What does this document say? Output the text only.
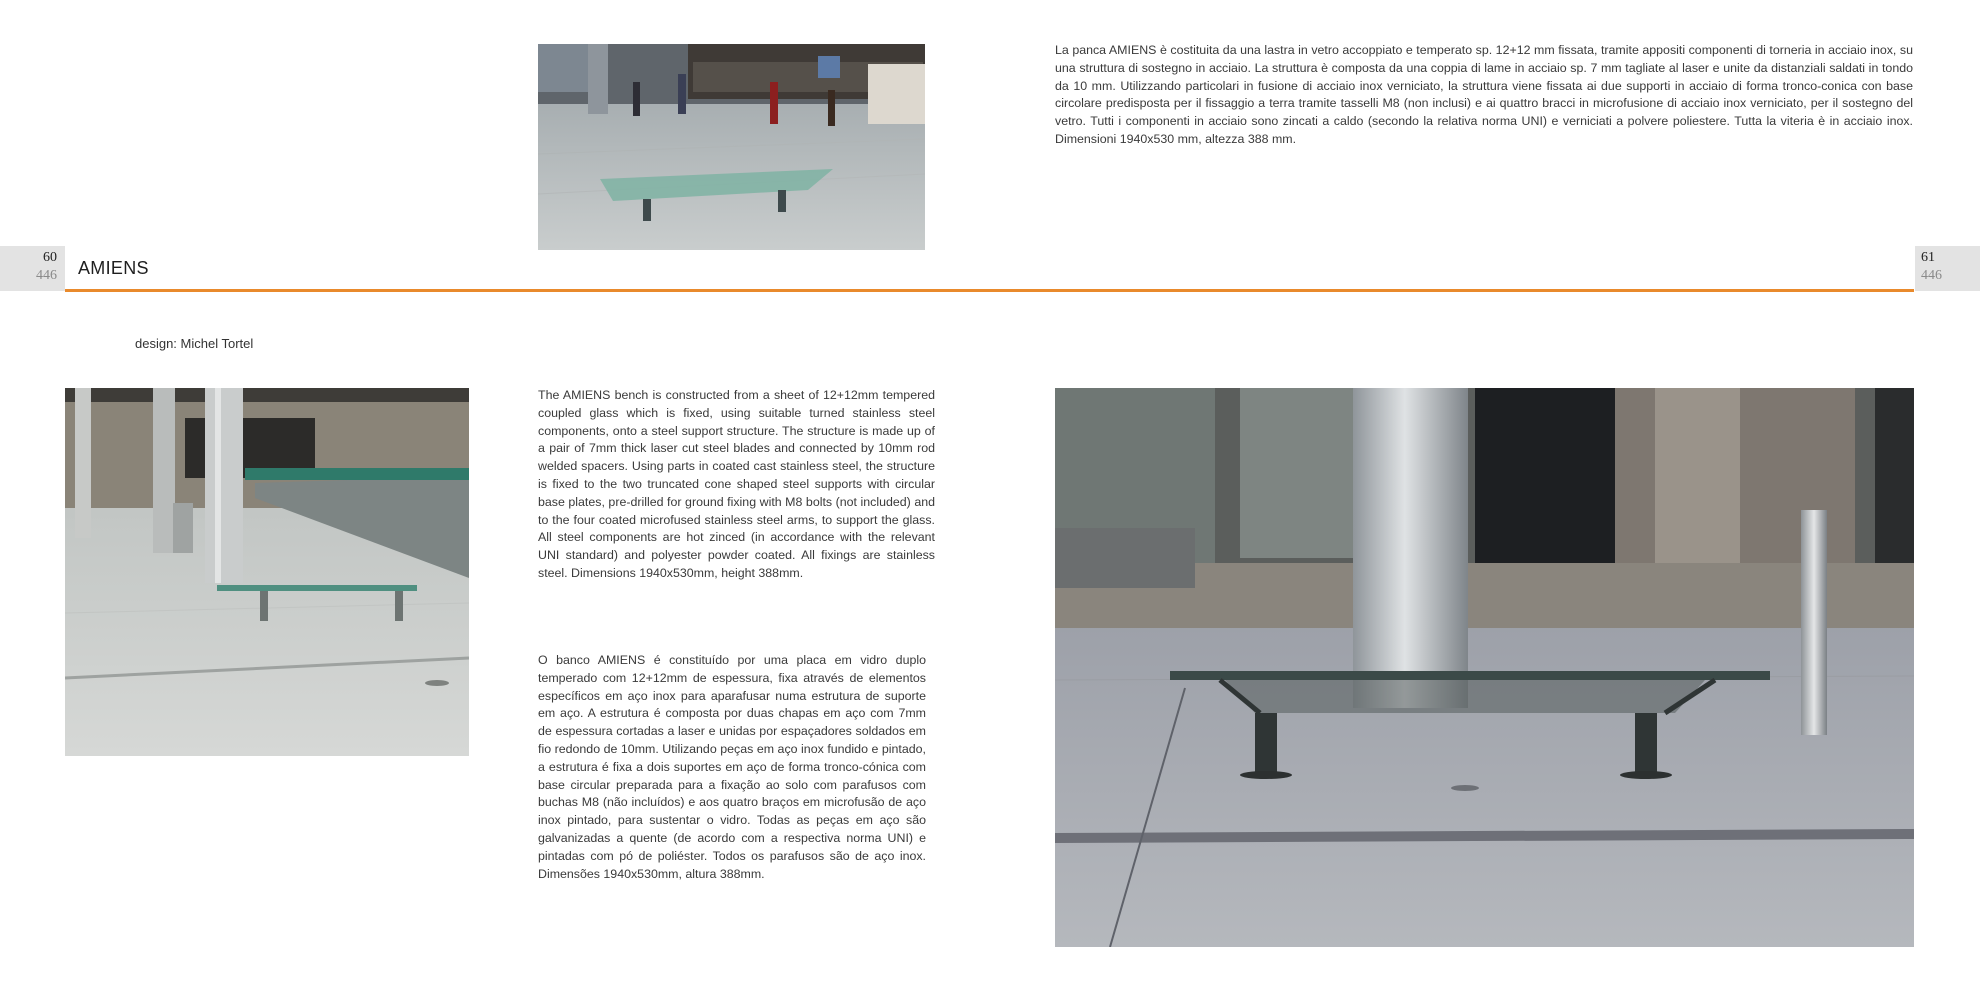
La panca AMIENS è costituita da una lastra in vetro accoppiato e temperato sp. 12+12 mm fissata, tramite appositi componenti di torneria in acciaio inox, su una struttura di sostegno in acciaio. La struttura è composta da una coppia di lame in acciaio sp. 7 mm tagliate al laser e unite da distanziali saldati in tondo da 10 mm. Utilizzando particolari in fusione di acciaio inox verniciato, la struttura viene fissata ai due supporti in acciaio di forma tronco-conica con base circolare predisposta per il fissaggio a terra tramite tasselli M8 (non inclusi) e ai quattro bracci in microfusione di acciaio inox verniciato, per il sostegno del vetro. Tutti i componenti in acciaio sono zincati a caldo (secondo la relativa norma UNI) e verniciati a polvere poliestere. Tutta la viteria è in acciaio inox. Dimensioni 1940x530 mm, altezza 388 mm.
60
446
61
446
AMIENS
design: Michel Tortel
The AMIENS bench is constructed from a sheet of 12+12mm tempered coupled glass which is fixed, using suitable turned stainless steel components, onto a steel support structure. The structure is made up of a pair of 7mm thick laser cut steel blades and connected by 10mm rod welded spacers. Using parts in coated cast stainless steel, the structure is fixed to the two truncated cone shaped steel supports with circular base plates, pre-drilled for ground fixing with M8 bolts (not included) and to the four coated microfused stainless steel arms, to support the glass. All steel components are hot zinced (in accordance with the relevant UNI standard) and polyester powder coated. All fixings are stainless steel. Dimensions 1940x530mm, height 388mm.
O banco AMIENS é constituído por uma placa em vidro duplo temperado com 12+12mm de espessura, fixa através de elementos específicos em aço inox para aparafusar numa estrutura de suporte em aço. A estrutura é composta por duas chapas em aço com 7mm de espessura cortadas a laser e unidas por espaçadores soldados em fio redondo de 10mm. Utilizando peças em aço inox fundido e pintado, a estrutura é fixa a dois suportes em aço de forma tronco-cónica com base circular preparada para a fixação ao solo com parafusos com buchas M8 (não incluídos) e aos quatro braços em microfusão de aço inox pintado, para sustentar o vidro. Todas as peças em aço são galvanizadas a quente (de acordo com a respectiva norma UNI) e pintadas com pó de poliéster. Todos os parafusos são de aço inox. Dimensões 1940x530mm, altura 388mm.
